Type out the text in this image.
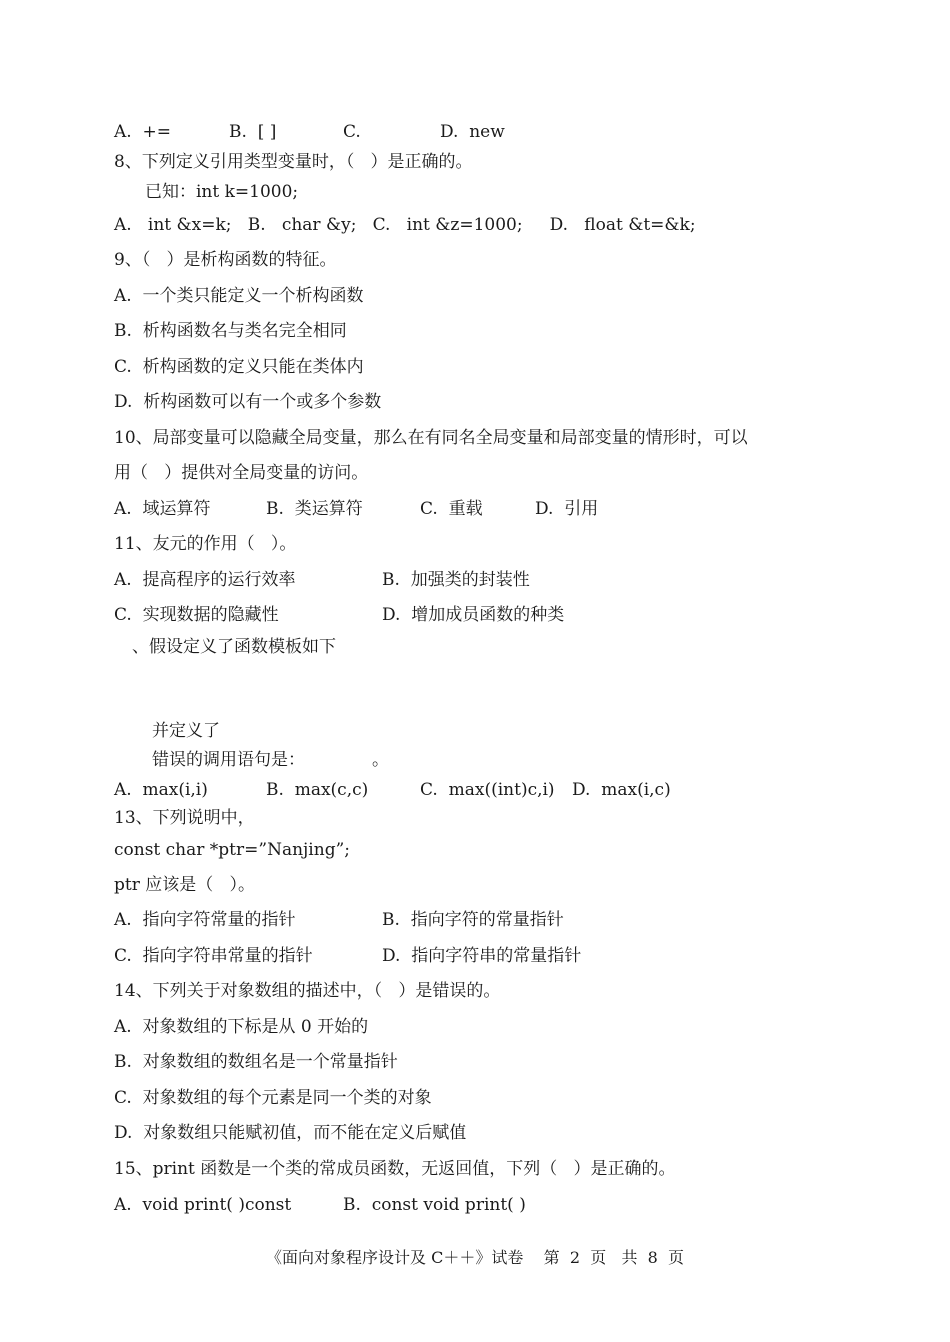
A.  +=	B.  [ ]	C.	D.  new
8、下列定义引用类型变量时，（   ）是正确的。
已知：int k=1000;
A.   int &x=k;   B.   char &y;   C.   int &z=1000;     D.   float &t=&k;
9、（   ）是析构函数的特征。
A.  一个类只能定义一个析构函数
B.  析构函数名与类名完全相同
C.  析构函数的定义只能在类体内
D.  析构函数可以有一个或多个参数
10、局部变量可以隐藏全局变量，那么在有同名全局变量和局部变量的情形时，可以
用（   ）提供对全局变量的访问。
A.  域运算符	B.  类运算符	C.  重载	D.  引用
11、友元的作用（   ）。
A.  提高程序的运行效率	B.  加强类的封装性
C.  实现数据的隐藏性	D.  增加成员函数的种类
、假设定义了函数模板如下
并定义了
错误的调用语句是：	。
A.  max(i,i)	B.  max(c,c)	C.  max((int)c,i) D.  max(i,c)
13、下列说明中，
const char *ptr=”Nanjing”;
ptr 应该是（   ）。
A.  指向字符常量的指针	B.  指向字符的常量指针
C.  指向字符串常量的指针	D.  指向字符串的常量指针
14、下列关于对象数组的描述中，（   ）是错误的。
A.  对象数组的下标是从 0 开始的
B.  对象数组的数组名是一个常量指针
C.  对象数组的每个元素是同一个类的对象
D.  对象数组只能赋初值，而不能在定义后赋值
15、print 函数是一个类的常成员函数，无返回值，下列（   ）是正确的。
A.  void print( )const	B.  const void print( )
《面向对象程序设计及 C＋＋》试卷    第  2  页   共  8  页
